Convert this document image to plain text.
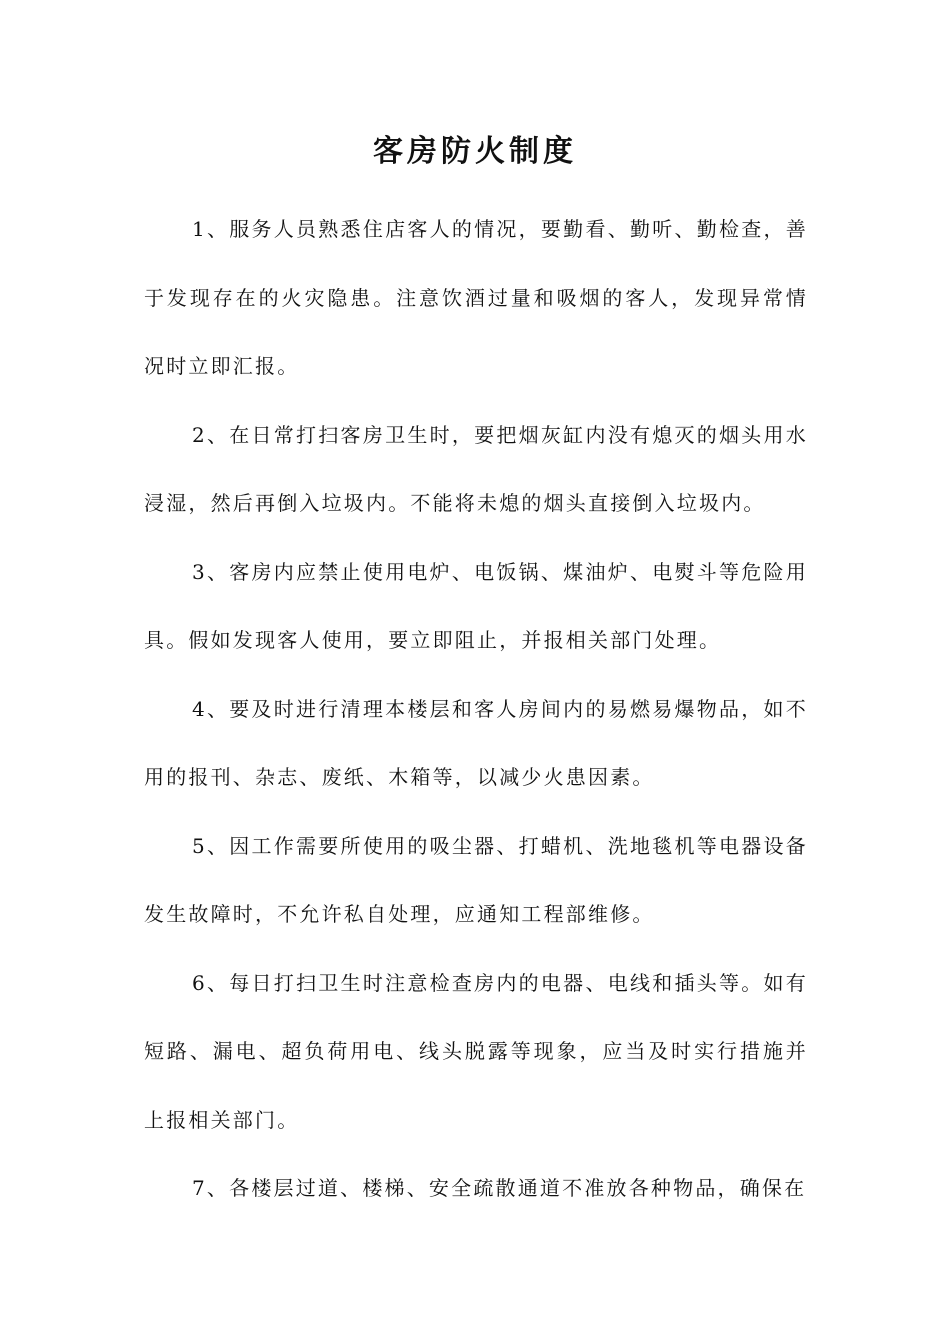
客房防火制度

1、服务人员熟悉住店客人的情况，要勤看、勤听、勤检查，善于发现存在的火灾隐患。注意饮酒过量和吸烟的客人，发现异常情况时立即汇报。

2、在日常打扫客房卫生时，要把烟灰缸内没有熄灭的烟头用水浸湿，然后再倒入垃圾内。不能将未熄的烟头直接倒入垃圾内。

3、客房内应禁止使用电炉、电饭锅、煤油炉、电熨斗等危险用具。假如发现客人使用，要立即阻止，并报相关部门处理。

4、要及时进行清理本楼层和客人房间内的易燃易爆物品，如不用的报刊、杂志、废纸、木箱等，以减少火患因素。

5、因工作需要所使用的吸尘器、打蜡机、洗地毯机等电器设备发生故障时，不允许私自处理，应通知工程部维修。

6、每日打扫卫生时注意检查房内的电器、电线和插头等。如有短路、漏电、超负荷用电、线头脱露等现象，应当及时实行措施并上报相关部门。

7、各楼层过道、楼梯、安全疏散通道不准放各种物品，确保在
